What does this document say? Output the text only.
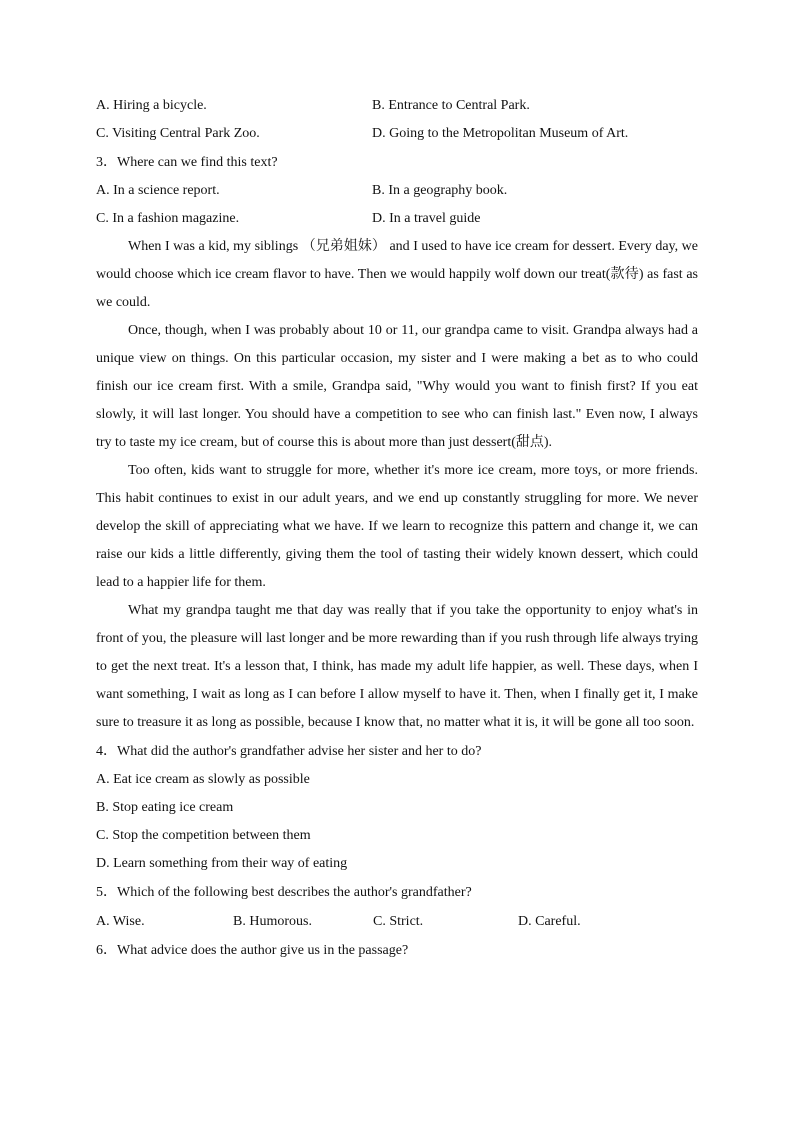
A. Hiring a bicycle.	B. Entrance to Central Park.
C. Visiting Central Park Zoo.	D. Going to the Metropolitan Museum of Art.
3．Where can we find this text?
A. In a science report.	B. In a geography book.
C. In a fashion magazine.	D. In a travel guide

When I was a kid, my siblings （兄弟姐妹） and I used to have ice cream for dessert. Every day, we would choose which ice cream flavor to have. Then we would happily wolf down our treat(款待) as fast as we could.

Once, though, when I was probably about 10 or 11, our grandpa came to visit. Grandpa always had a unique view on things. On this particular occasion, my sister and I were making a bet as to who could finish our ice cream first. With a smile, Grandpa said, "Why would you want to finish first? If you eat slowly, it will last longer. You should have a competition to see who can finish last." Even now, I always try to taste my ice cream, but of course this is about more than just dessert(甜点).

Too often, kids want to struggle for more, whether it's more ice cream, more toys, or more friends. This habit continues to exist in our adult years, and we end up constantly struggling for more. We never develop the skill of appreciating what we have. If we learn to recognize this pattern and change it, we can raise our kids a little differently, giving them the tool of tasting their widely known dessert, which could lead to a happier life for them.

What my grandpa taught me that day was really that if you take the opportunity to enjoy what's in front of you, the pleasure will last longer and be more rewarding than if you rush through life always trying to get the next treat. It's a lesson that, I think, has made my adult life happier, as well. These days, when I want something, I wait as long as I can before I allow myself to have it. Then, when I finally get it, I make sure to treasure it as long as possible, because I know that, no matter what it is, it will be gone all too soon.

4．What did the author's grandfather advise her sister and her to do?
A. Eat ice cream as slowly as possible
B. Stop eating ice cream
C. Stop the competition between them
D. Learn something from their way of eating
5．Which of the following best describes the author's grandfather?
A. Wise.	B. Humorous.	C. Strict.	D. Careful.
6．What advice does the author give us in the passage?
